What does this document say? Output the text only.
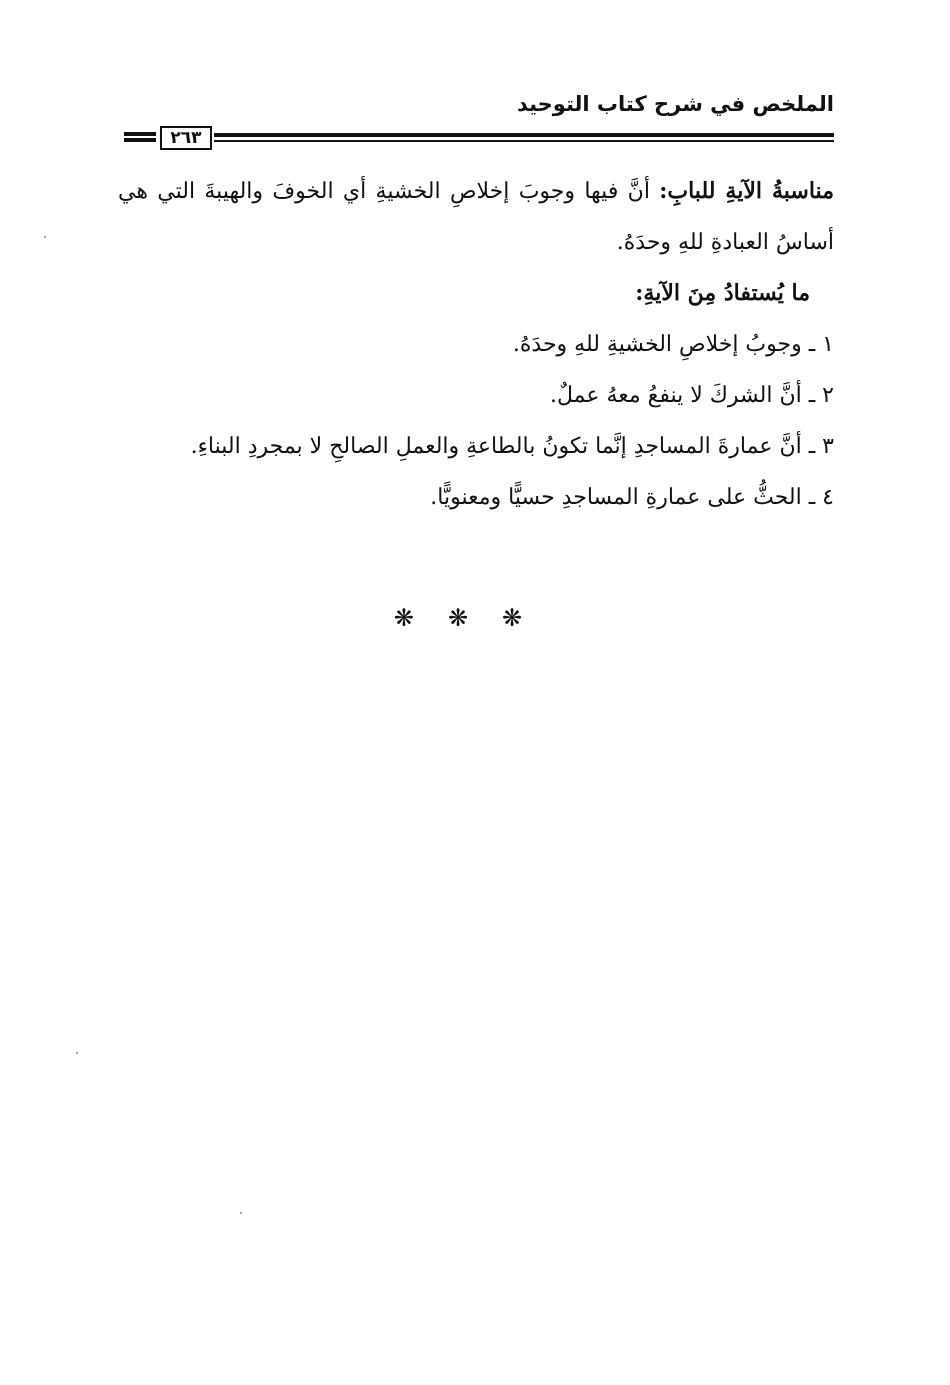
الملخص في شرح كتاب التوحيد
٢٦٣

مناسبةُ الآيةِ للبابِ: أنَّ فيها وجوبَ إخلاصِ الخشيةِ أي الخوفَ والهيبةَ التي هي أساسُ العبادةِ للهِ وحدَهُ.

ما يُستفادُ مِنَ الآيةِ:

١ ـ وجوبُ إخلاصِ الخشيةِ للهِ وحدَهُ.
٢ ـ أنَّ الشركَ لا ينفعُ معهُ عملٌ.
٣ ـ أنَّ عمارةَ المساجدِ إنَّما تكونُ بالطاعةِ والعملِ الصالحِ لا بمجردِ البناءِ.
٤ ـ الحثُّ على عمارةِ المساجدِ حسيًّا ومعنويًّا.

❋❋❋
